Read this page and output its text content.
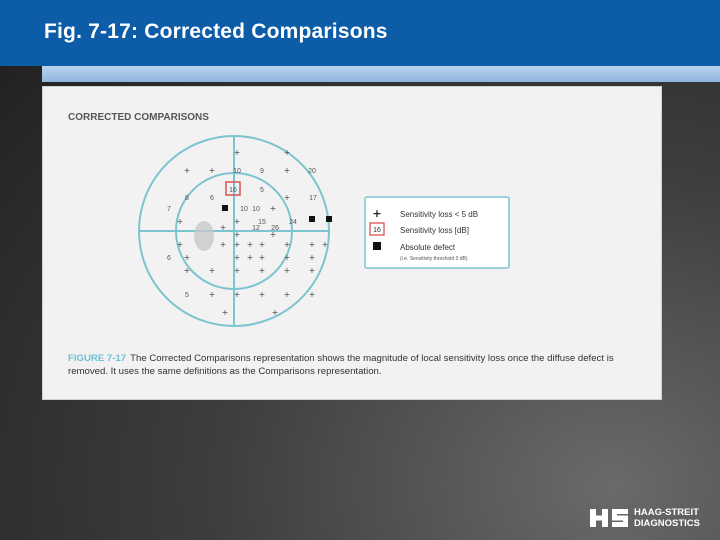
Fig. 7-17: Corrected Comparisons
CORRECTED COMPARISONS
10	9	20
16	5
8	6	17
7	10 10
15	24
12 26
6
5
+	+
+ +	+
+
+
+	+
+
+	+
+	+ + + + + + +
+	+ + + + +
+ + + + + +
+ + + + +
+	+
+ Sensitivity loss < 5 dB
16 Sensitivity loss [dB]
Absolute defect
(i.e. Sensitivity threshold 0 dB)
FIGURE 7-17 The Corrected Comparisons representation shows the magnitude of local sensitivity loss once the diffuse defect is removed. It uses the same definitions as the Comparisons representation.
HAAG-STREIT
DIAGNOSTICS
